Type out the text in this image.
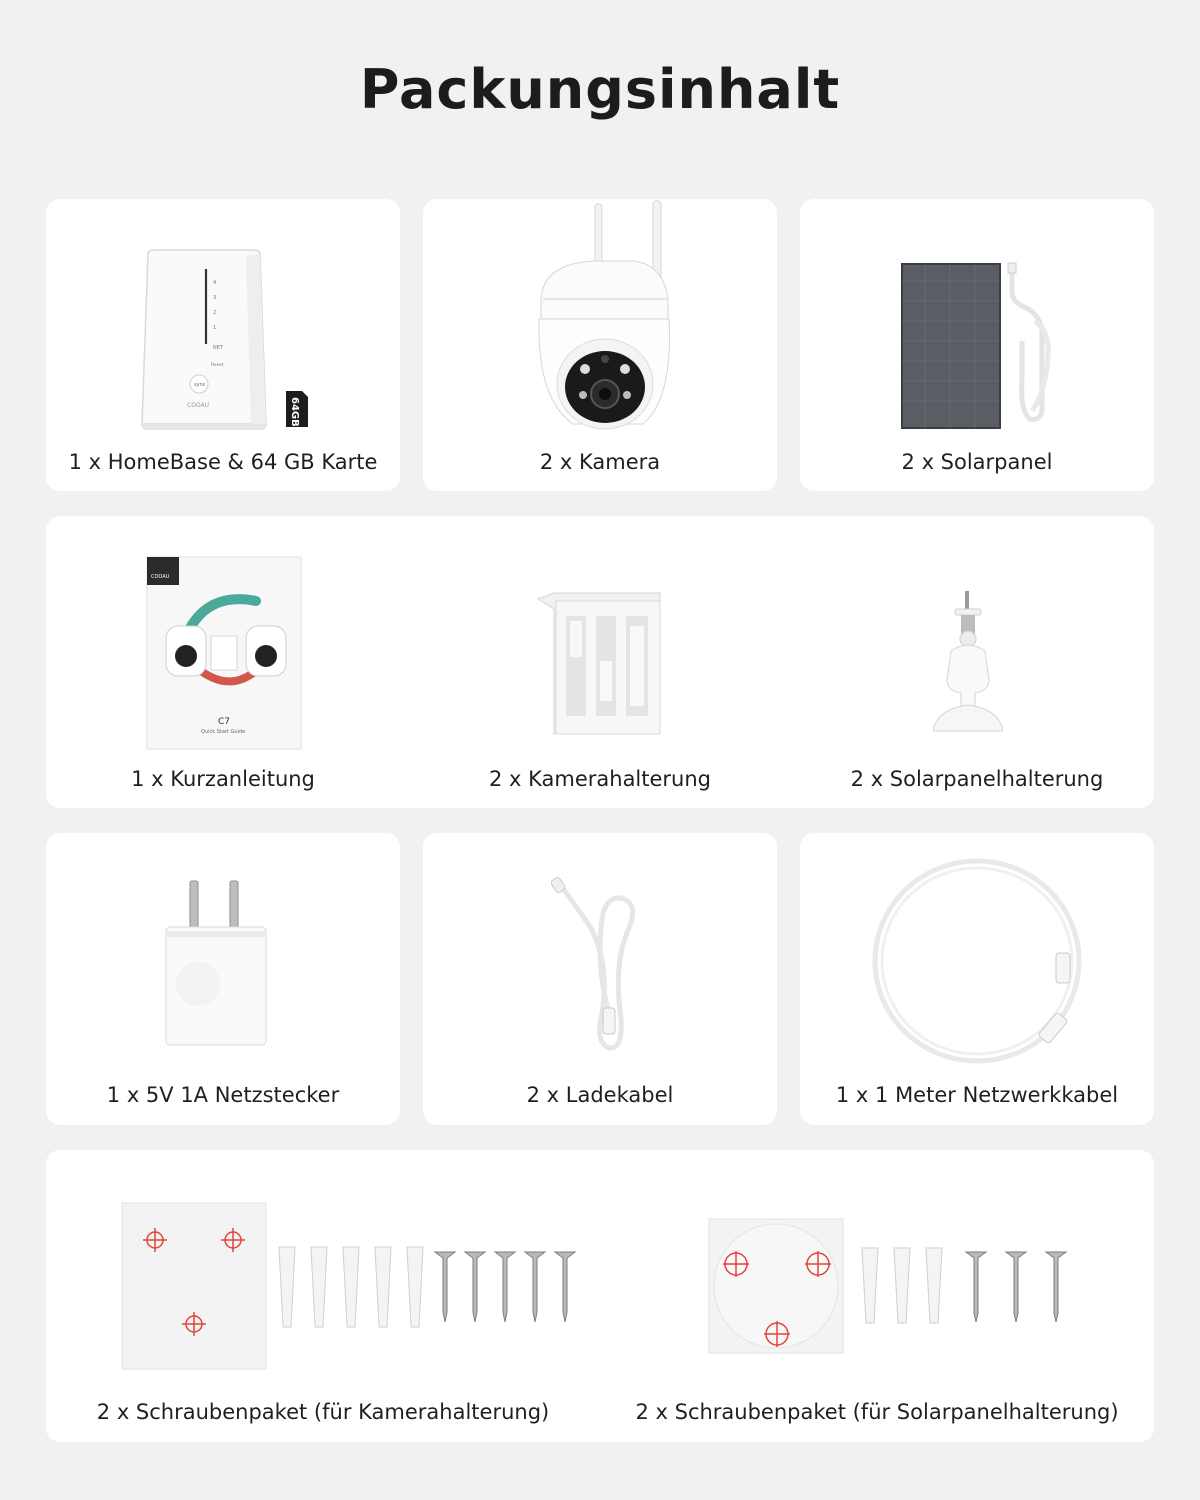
Packungsinhalt
4
3
2
1
NET
Reset
sync
COOAU	64GB
1 x HomeBase & 64 GB Karte	2 x Kamera	2 x Solarpanel
COOAU
C7
Quick Start Guide
1 x Kurzanleitung	2 x Kamerahalterung	2 x Solarpanelhalterung
1 x 5V 1A Netzstecker	2 x Ladekabel	1 x 1 Meter Netzwerkkabel
2 x Schraubenpaket (für Kamerahalterung)	2 x Schraubenpaket (für Solarpanelhalterung)
